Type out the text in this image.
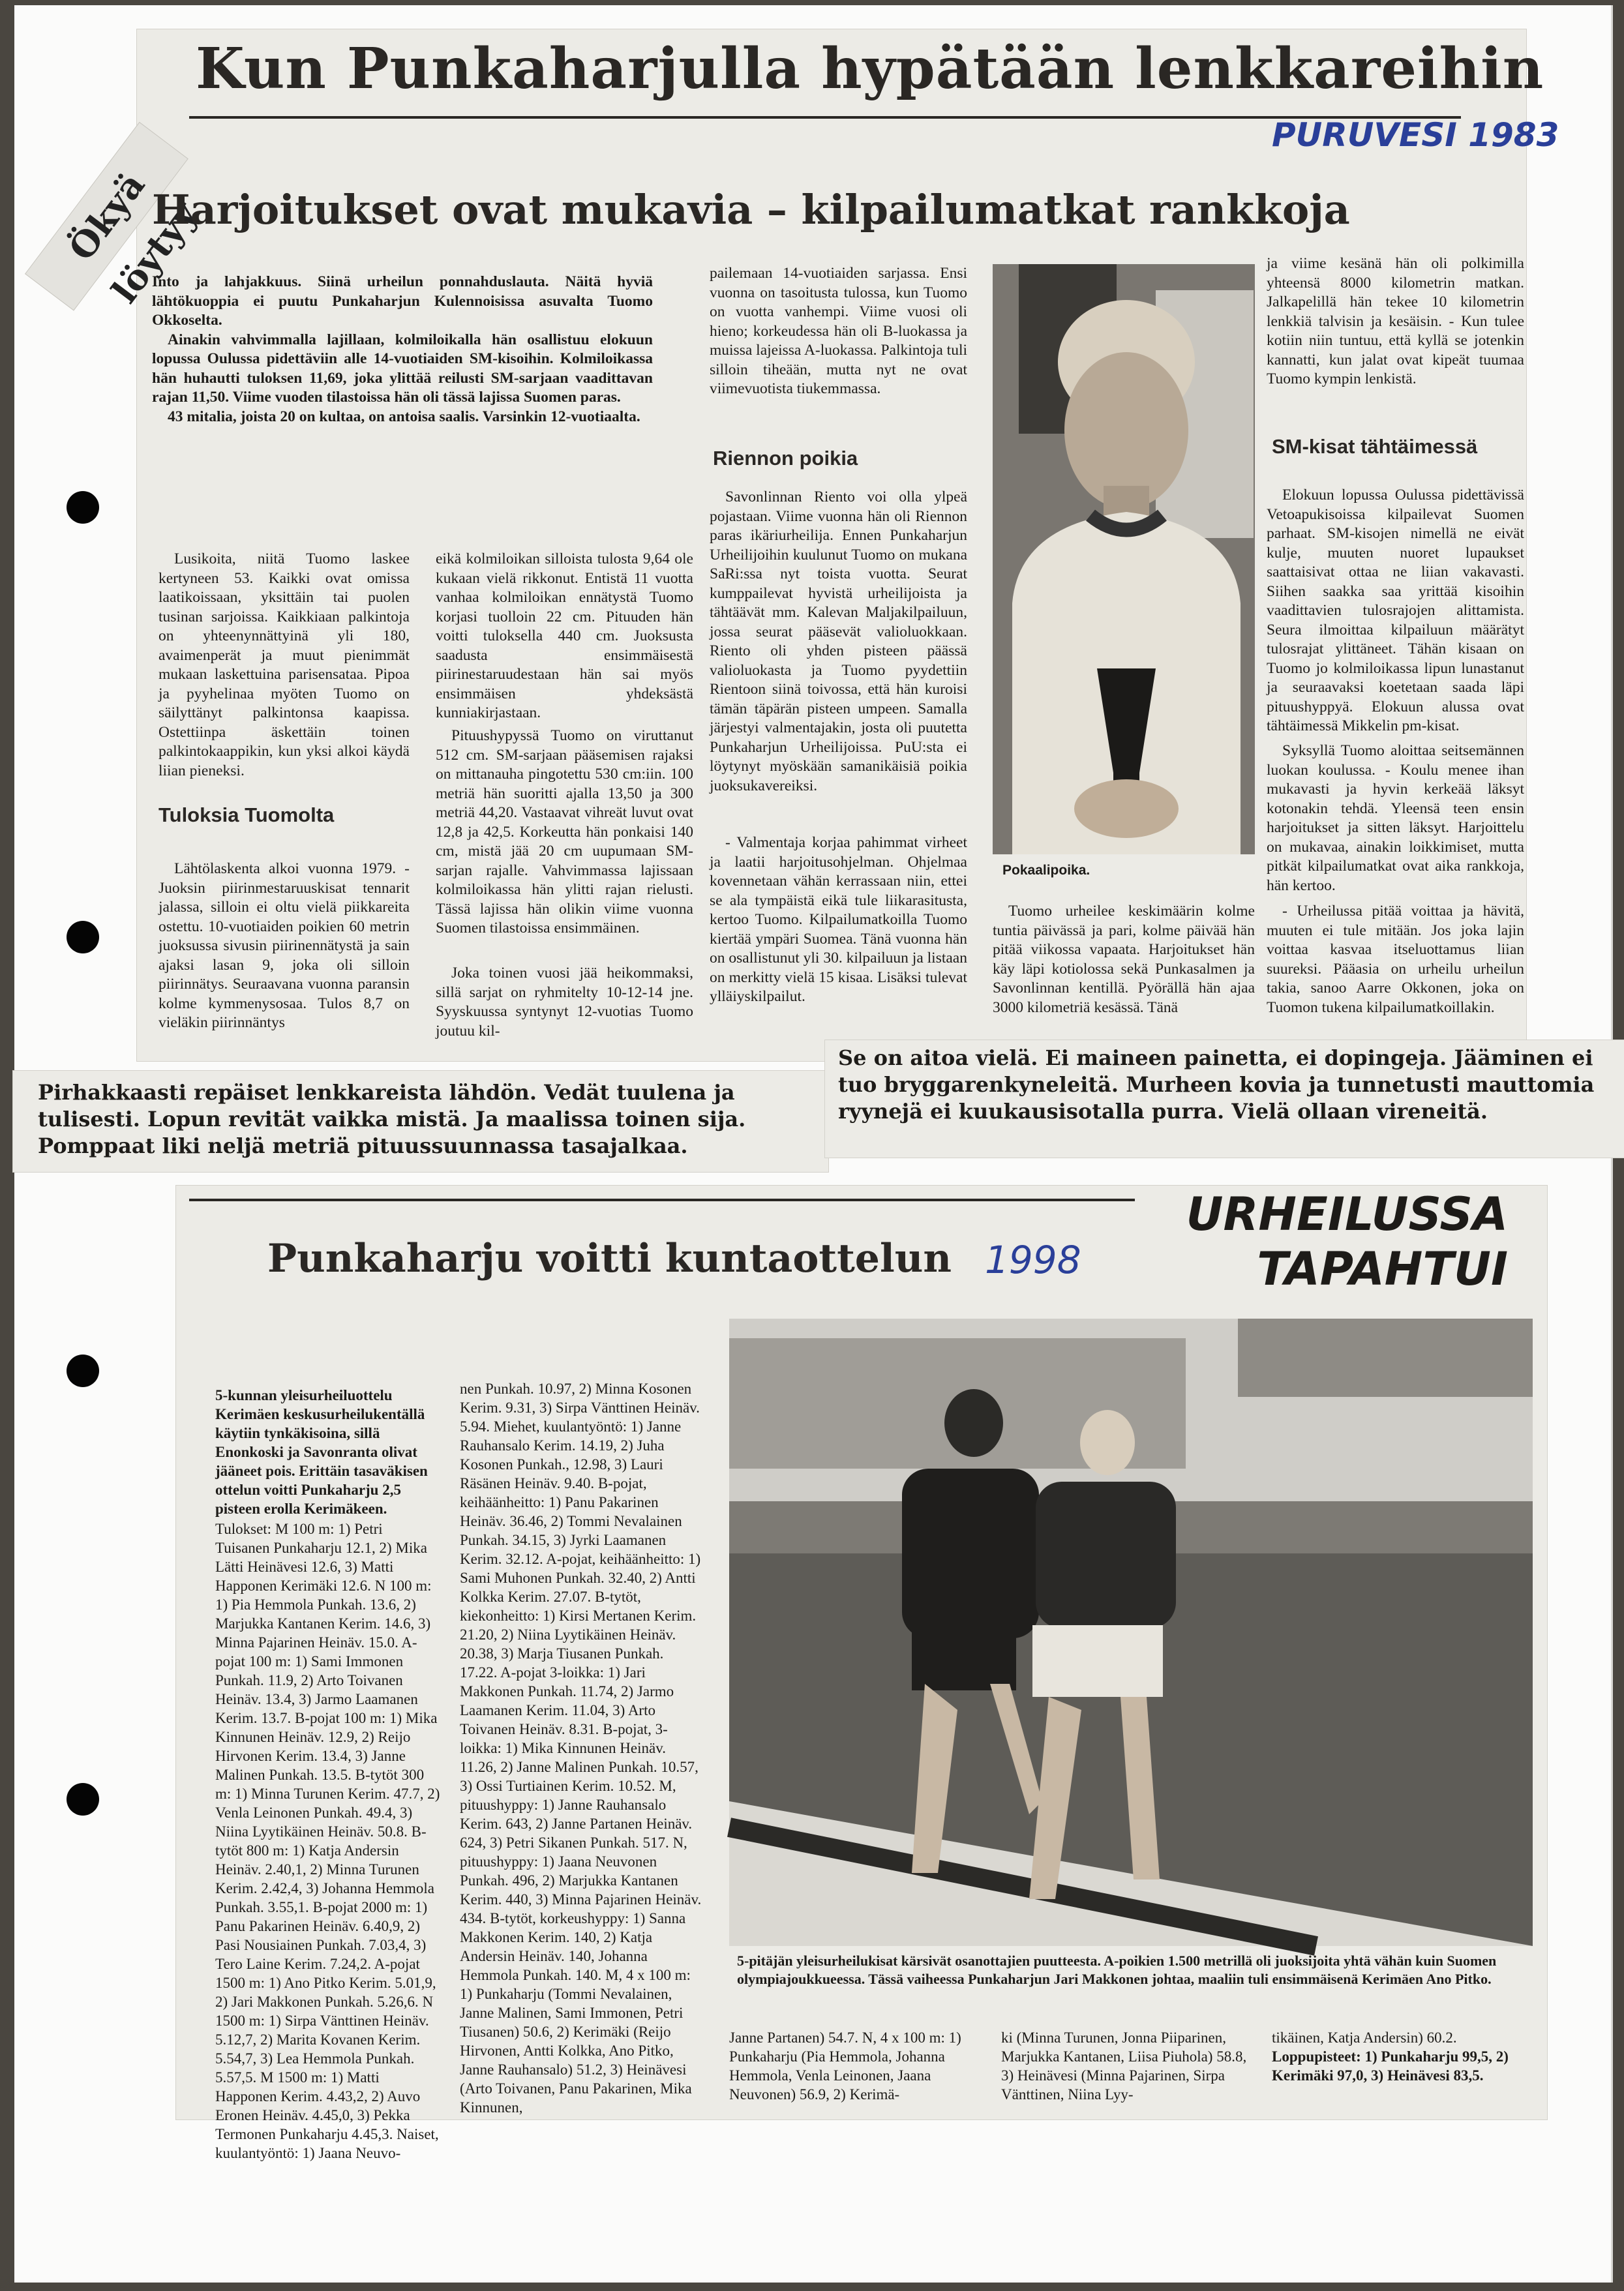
Kun Punkaharjulla hypätään lenkkareihin
PURUVESI 1983
Ökyä löytyy
Harjoitukset ovat mukavia – kilpailumatkat rankkoja

Into ja lahjakkuus. Siinä urheilun ponnahduslauta. Näitä hyviä lähtökuoppia ei puutu Punkaharjun Kulennoisissa asuvalta Tuomo Okkoselta.

Ainakin vahvimmalla lajillaan, kolmiloikalla hän osallistuu elokuun lopussa Oulussa pidettäviin alle 14-vuotiaiden SM-kisoihin. Kolmiloikassa hän huhautti tuloksen 11,69, joka ylittää reilusti SM-sarjaan vaadittavan rajan 11,50. Viime vuoden tilastoissa hän oli tässä lajissa Suomen paras.

43 mitalia, joista 20 on kultaa, on antoisa saalis. Varsinkin 12-vuotiaalta.

Lusikoita, niitä Tuomo laskee kertyneen 53. Kaikki ovat omissa laatikoissaan, yksittäin tai puolen tusinan sarjoissa. Kaikkiaan palkintoja on yhteenynnättyinä yli 180, avaimenperät ja muut pienimmät mukaan laskettuina parisensataa. Pipoa ja pyyhelinaa myöten Tuomo on säilyttänyt palkintonsa kaapissa. Ostettiinpa äskettäin toinen palkintokaappikin, kun yksi alkoi käydä liian pieneksi.

Tuloksia Tuomolta

Lähtölaskenta alkoi vuonna 1979. - Juoksin piirinmestaruuskisat tennarit jalassa, silloin ei oltu vielä piikkareita ostettu. 10-vuotiaiden poikien 60 metrin juoksussa sivusin piirinennätystä ja sain ajaksi lasan 9, joka oli silloin piirinnätys. Seuraavana vuonna paransin kolme kymmenysosaa. Tulos 8,7 on vieläkin piirinnäntys

eikä kolmiloikan silloista tulosta 9,64 ole kukaan vielä rikkonut. Entistä 11 vuotta vanhaa kolmiloikan ennätystä Tuomo korjasi tuolloin 22 cm. Pituuden hän voitti tuloksella 440 cm. Juoksusta saadusta ensimmäisestä piirinestaruudestaan hän sai myös ensimmäisen yhdeksästä kunniakirjastaan.

Pituushypyssä Tuomo on viruttanut 512 cm. SM-sarjaan pääsemisen rajaksi on mittanauha pingotettu 530 cm:iin. 100 metriä hän suoritti ajalla 13,50 ja 300 metriä 44,20. Vastaavat vihreät luvut ovat 12,8 ja 42,5. Korkeutta hän ponkaisi 140 cm, mistä jää 20 cm uupumaan SM-sarjan rajalle. Vahvimmassa lajissaan kolmiloikassa hän ylitti rajan rielusti. Tässä lajissa hän olikin viime vuonna Suomen tilastoissa ensimmäinen.

Joka toinen vuosi jää heikommaksi, sillä sarjat on ryhmitelty 10-12-14 jne. Syyskuussa syntynyt 12-vuotias Tuomo joutuu kil-

pailemaan 14-vuotiaiden sarjassa. Ensi vuonna on tasoitusta tulossa, kun Tuomo on vuotta vanhempi. Viime vuosi oli hieno; korkeudessa hän oli B-luokassa ja muissa lajeissa A-luokassa. Palkintoja tuli silloin tiheään, mutta nyt ne ovat viimevuotista tiukemmassa.

Riennon poikia

Savonlinnan Riento voi olla ylpeä pojastaan. Viime vuonna hän oli Riennon paras ikäriurheilija. Ennen Punkaharjun Urheilijoihin kuulunut Tuomo on mukana SaRi:ssa nyt toista vuotta. Seurat kumppailevat hyvistä urheilijoista ja tähtäävät mm. Kalevan Maljakilpailuun, jossa seurat pääsevät valioluokkaan. Riento oli yhden pisteen päässä valioluokasta ja Tuomo pyydettiin Rientoon siinä toivossa, että hän kuroisi tämän täpärän pisteen umpeen. Samalla järjestyi valmentajakin, josta oli puutetta Punkaharjun Urheilijoissa. PuU:sta ei löytynyt myöskään samanikäisiä poikia juoksukavereiksi.

- Valmentaja korjaa pahimmat virheet ja laatii harjoitusohjelman. Ohjelmaa kovennetaan vähän kerrassaan niin, ettei se ala tympäistä eikä tule liikarasitusta, kertoo Tuomo. Kilpailumatkoilla Tuomo kiertää ympäri Suomea. Tänä vuonna hän on osallistunut yli 30. kilpailuun ja listaan on merkitty vielä 15 kisaa. Lisäksi tulevat ylläiyskilpailut.

Pokaalipoika.

Tuomo urheilee keskimäärin kolme tuntia päivässä ja pari, kolme päivää hän pitää viikossa vapaata. Harjoitukset hän käy läpi kotiolossa sekä Punkasalmen ja Savonlinnan kentillä. Pyörällä hän ajaa 3000 kilometriä kesässä. Tänä

ja viime kesänä hän oli polkimilla yhteensä 8000 kilometrin matkan. Jalkapelillä hän tekee 10 kilometrin lenkkiä talvisin ja kesäisin. - Kun tulee kotiin niin tuntuu, että kyllä se jotenkin kannatti, kun jalat ovat kipeät tuumaa Tuomo kympin lenkistä.

SM-kisat tähtäimessä

Elokuun lopussa Oulussa pidettävissä Vetoapukisoissa kilpailevat Suomen parhaat. SM-kisojen nimellä ne eivät kulje, muuten nuoret lupaukset saattaisivat ottaa ne liian vakavasti. Siihen saakka saa yrittää kisoihin vaadittavien tulosrajojen alittamista. Seura ilmoittaa kilpailuun määrätyt tulosrajat ylittäneet. Tähän kisaan on Tuomo jo kolmiloikassa lipun lunastanut ja seuraavaksi koetetaan saada läpi pituushyppyä. Elokuun alussa ovat tähtäimessä Mikkelin pm-kisat.

Syksyllä Tuomo aloittaa seitsemännen luokan koulussa. - Koulu menee ihan mukavasti ja hyvin kerkeää läksyt kotonakin tehdä. Yleensä teen ensin harjoitukset ja sitten läksyt. Harjoittelu on mukavaa, ainakin loikkimiset, mutta pitkät kilpailumatkat ovat aika rankkoja, hän kertoo.

- Urheilussa pitää voittaa ja hävitä, muuten ei tule mitään. Jos joka lajin voittaa kasvaa itseluottamus liian suureksi. Pääasia on urheilu urheilun takia, sanoo Aarre Okkonen, joka on Tuomon tukena kilpailumatkoillakin.

Pirhakkaasti repäiset lenkkareista lähdön. Vedät tuulena ja tulisesti. Lopun revität vaikka mistä. Ja maalissa toinen sija. Pomppaat liki neljä metriä pituussuunnassa tasajalkaa.
Se on aitoa vielä. Ei maineen painetta, ei dopingeja. Jääminen ei tuo bryggarenkyneleitä. Murheen kovia ja tunnetusti mauttomia ryynejä ei kuukausisotalla purra. Vielä ollaan vireneitä.
URHEILUSSA
TAPAHTUI
Punkaharju voitti kuntaottelun 1998
5-kunnan yleisurheiluottelu Kerimäen keskusurheilukentällä käytiin tynkäkisoina, sillä Enonkoski ja Savonranta olivat jääneet pois. Erittäin tasaväkisen ottelun voitti Punkaharju 2,5 pisteen erolla Kerimäkeen.
Tulokset: M 100 m: 1) Petri Tuisanen Punkaharju 12.1, 2) Mika Lätti Heinävesi 12.6, 3) Matti Happonen Kerimäki 12.6. N 100 m: 1) Pia Hemmola Punkah. 13.6, 2) Marjukka Kantanen Kerim. 14.6, 3) Minna Pajarinen Heinäv. 15.0. A-pojat 100 m: 1) Sami Immonen Punkah. 11.9, 2) Arto Toivanen Heinäv. 13.4, 3) Jarmo Laamanen Kerim. 13.7. B-pojat 100 m: 1) Mika Kinnunen Heinäv. 12.9, 2) Reijo Hirvonen Kerim. 13.4, 3) Janne Malinen Punkah. 13.5. B-tytöt 300 m: 1) Minna Turunen Kerim. 47.7, 2) Venla Leinonen Punkah. 49.4, 3) Niina Lyytikäinen Heinäv. 50.8. B-tytöt 800 m: 1) Katja Andersin Heinäv. 2.40,1, 2) Minna Turunen Kerim. 2.42,4, 3) Johanna Hemmola Punkah. 3.55,1. B-pojat 2000 m: 1) Panu Pakarinen Heinäv. 6.40,9, 2) Pasi Nousiainen Punkah. 7.03,4, 3) Tero Laine Kerim. 7.24,2. A-pojat 1500 m: 1) Ano Pitko Kerim. 5.01,9, 2) Jari Makkonen Punkah. 5.26,6. N 1500 m: 1) Sirpa Vänttinen Heinäv. 5.12,7, 2) Marita Kovanen Kerim. 5.54,7, 3) Lea Hemmola Punkah. 5.57,5. M 1500 m: 1) Matti Happonen Kerim. 4.43,2, 2) Auvo Eronen Heinäv. 4.45,0, 3) Pekka Termonen Punkaharju 4.45,3. Naiset, kuulantyöntö: 1) Jaana Neuvo-
nen Punkah. 10.97, 2) Minna Kosonen Kerim. 9.31, 3) Sirpa Vänttinen Heinäv. 5.94. Miehet, kuulantyöntö: 1) Janne Rauhansalo Kerim. 14.19, 2) Juha Kosonen Punkah., 12.98, 3) Lauri Räsänen Heinäv. 9.40. B-pojat, keihäänheitto: 1) Panu Pakarinen Heinäv. 36.46, 2) Tommi Nevalainen Punkah. 34.15, 3) Jyrki Laamanen Kerim. 32.12. A-pojat, keihäänheitto: 1) Sami Muhonen Punkah. 32.40, 2) Antti Kolkka Kerim. 27.07. B-tytöt, kiekonheitto: 1) Kirsi Mertanen Kerim. 21.20, 2) Niina Lyytikäinen Heinäv. 20.38, 3) Marja Tiusanen Punkah. 17.22. A-pojat 3-loikka: 1) Jari Makkonen Punkah. 11.74, 2) Jarmo Laamanen Kerim. 11.04, 3) Arto Toivanen Heinäv. 8.31. B-pojat, 3-loikka: 1) Mika Kinnunen Heinäv. 11.26, 2) Janne Malinen Punkah. 10.57, 3) Ossi Turtiainen Kerim. 10.52. M, pituushyppy: 1) Janne Rauhansalo Kerim. 643, 2) Janne Partanen Heinäv. 624, 3) Petri Sikanen Punkah. 517. N, pituushyppy: 1) Jaana Neuvonen Punkah. 496, 2) Marjukka Kantanen Kerim. 440, 3) Minna Pajarinen Heinäv. 434. B-tytöt, korkeushyppy: 1) Sanna Makkonen Kerim. 140, 2) Katja Andersin Heinäv. 140, Johanna Hemmola Punkah. 140. M, 4 x 100 m: 1) Punkaharju (Tommi Nevalainen, Janne Malinen, Sami Immonen, Petri Tiusanen) 50.6, 2) Kerimäki (Reijo Hirvonen, Antti Kolkka, Ano Pitko, Janne Rauhansalo) 51.2, 3) Heinävesi (Arto Toivanen, Panu Pakarinen, Mika Kinnunen,
5-pitäjän yleisurheilukisat kärsivät osanottajien puutteesta. A-poikien 1.500 metrillä oli juoksijoita yhtä vähän kuin Suomen olympiajoukkueessa. Tässä vaiheessa Punkaharjun Jari Makkonen johtaa, maaliin tuli ensimmäisenä Kerimäen Ano Pitko.
Janne Partanen) 54.7. N, 4 x 100 m: 1) Punkaharju (Pia Hemmola, Johanna Hemmola, Venla Leinonen, Jaana Neuvonen) 56.9, 2) Kerimä-
ki (Minna Turunen, Jonna Piiparinen, Marjukka Kantanen, Liisa Piuhola) 58.8, 3) Heinävesi (Minna Pajarinen, Sirpa Vänttinen, Niina Lyy-
tikäinen, Katja Andersin) 60.2.
Loppupisteet: 1) Punkaharju 99,5, 2) Kerimäki 97,0, 3) Heinävesi 83,5.
